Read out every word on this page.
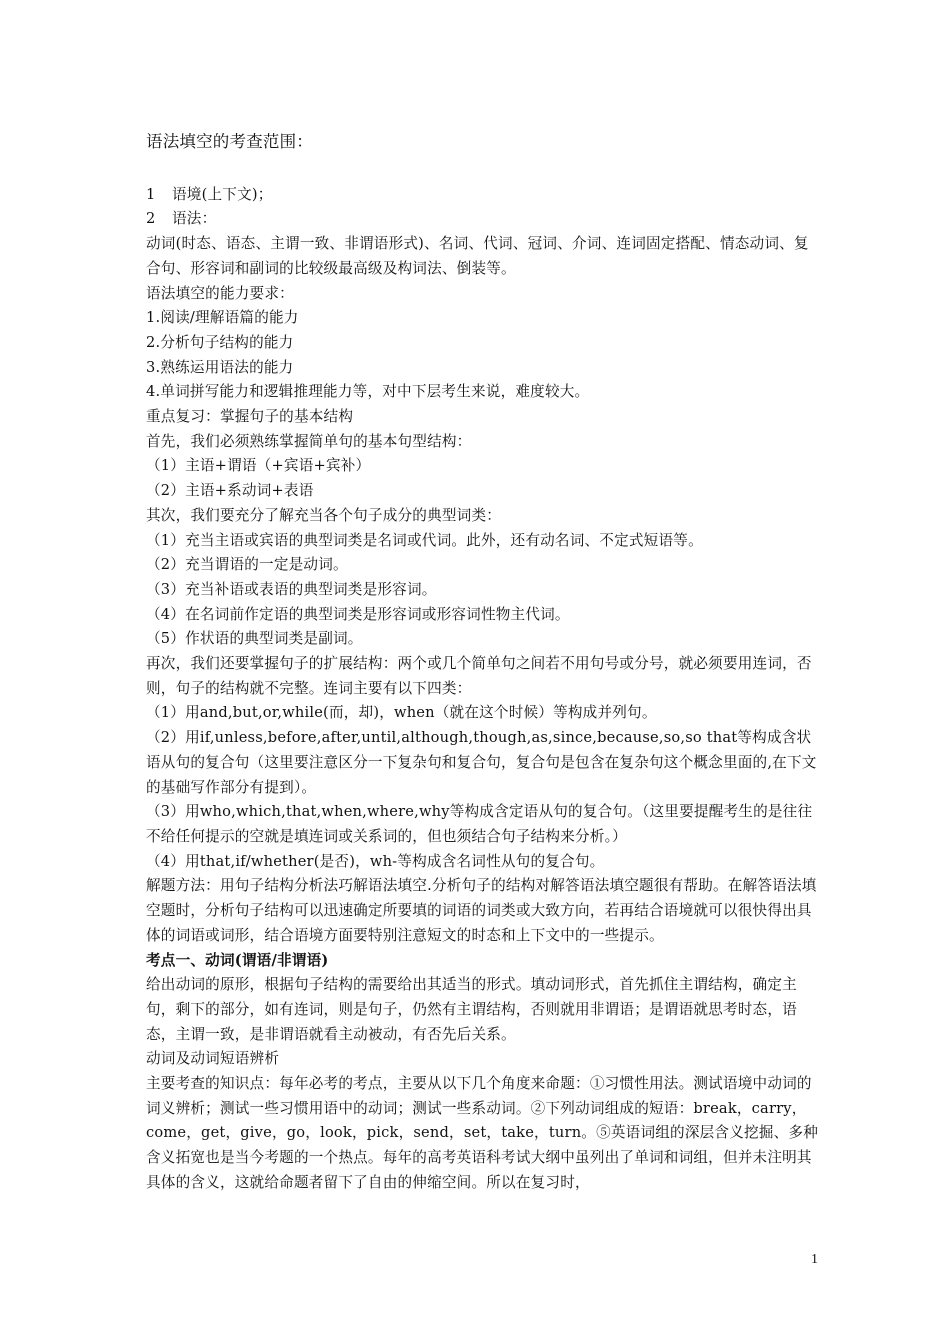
语法填空的考查范围：

1 语境(上下文)；

2 语法：

动词(时态、语态、主谓一致、非谓语形式)、名词、代词、冠词、介词、连词固定搭配、情态动词、复合句、形容词和副词的比较级最高级及构词法、倒装等。

语法填空的能力要求：

1.阅读/理解语篇的能力

2.分析句子结构的能力

3.熟练运用语法的能力

4.单词拼写能力和逻辑推理能力等，对中下层考生来说，难度较大。

重点复习：掌握句子的基本结构

首先，我们必须熟练掌握简单句的基本句型结构：

（1）主语+谓语（+宾语+宾补）

（2）主语+系动词+表语

其次，我们要充分了解充当各个句子成分的典型词类：

（1）充当主语或宾语的典型词类是名词或代词。此外，还有动名词、不定式短语等。

（2）充当谓语的一定是动词。

（3）充当补语或表语的典型词类是形容词。

（4）在名词前作定语的典型词类是形容词或形容词性物主代词。

（5）作状语的典型词类是副词。

再次，我们还要掌握句子的扩展结构：两个或几个简单句之间若不用句号或分号，就必须要用连词，否则，句子的结构就不完整。连词主要有以下四类：

（1）用and,but,or,while(而，却)，when（就在这个时候）等构成并列句。

（2）用if,unless,before,after,until,although,though,as,since,because,so,so that等构成含状语从句的复合句（这里要注意区分一下复杂句和复合句，复合句是包含在复杂句这个概念里面的,在下文的基础写作部分有提到）。

（3）用who,which,that,when,where,why等构成含定语从句的复合句。（这里要提醒考生的是往往不给任何提示的空就是填连词或关系词的，但也须结合句子结构来分析。）

（4）用that,if/whether(是否)，wh-等构成含名词性从句的复合句。

解题方法：用句子结构分析法巧解语法填空.分析句子的结构对解答语法填空题很有帮助。在解答语法填空题时，分析句子结构可以迅速确定所要填的词语的词类或大致方向，若再结合语境就可以很快得出具体的词语或词形，结合语境方面要特别注意短文的时态和上下文中的一些提示。

考点一、动词(谓语/非谓语)

给出动词的原形，根据句子结构的需要给出其适当的形式。填动词形式，首先抓住主谓结构，确定主句，剩下的部分，如有连词，则是句子，仍然有主谓结构，否则就用非谓语；是谓语就思考时态，语态，主谓一致，是非谓语就看主动被动，有否先后关系。

动词及动词短语辨析

主要考查的知识点：每年必考的考点，主要从以下几个角度来命题：①习惯性用法。测试语境中动词的词义辨析；测试一些习惯用语中的动词；测试一些系动词。②下列动词组成的短语：break，carry，come，get，give，go，look，pick，send，set，take，turn。⑤英语词组的深层含义挖掘、多种含义拓宽也是当今考题的一个热点。每年的高考英语科考试大纲中虽列出了单词和词组，但并未注明其具体的含义，这就给命题者留下了自由的伸缩空间。所以在复习时，

1
